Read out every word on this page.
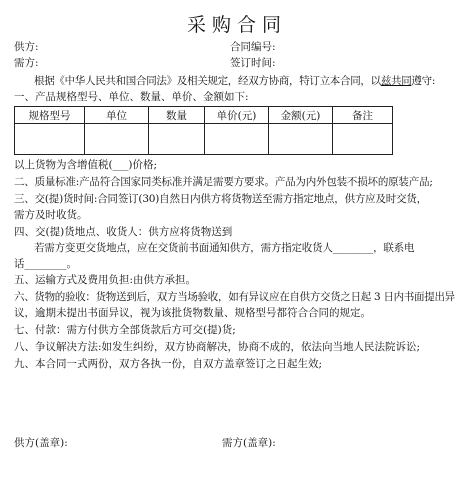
采购合同
供方:	合同编号:
需方:	签订时间:
根据《中华人民共和国合同法》及相关规定，经双方协商，特订立本合同，以兹共同遵守:
一、产品规格型号、单位、数量、单价、金额如下:
规格型号	单位	数量	单价(元)	金额(元)	备注

以上货物为含增值税(___)价格;
二、质量标准:产品符合国家同类标准并满足需要方要求。产品为内外包装不损坏的原装产品;
三、交(提)货时间:合同签订(30)自然日内供方将货物送至需方指定地点，供方应及时交货，
需方及时收货。
四、交(提)货地点、收货人：供方应将货物送到
若需方变更交货地点，应在交货前书面通知供方，需方指定收货人________，联系电
话________。
五、运输方式及费用负担:由供方承担。
六、货物的验收：货物送到后，双方当场验收，如有异议应在自供方交货之日起 3 日内书面提出异
议，逾期未提出书面异议，视为该批货物数量、规格型号都符合合同的规定。
七、付款：需方付供方全部货款后方可交(提)货;
八、争议解决方法:如发生纠纷，双方协商解决，协商不成的，依法向当地人民法院诉讼;
九、本合同一式两份，双方各执一份，自双方盖章签订之日起生效;
供方(盖章):	需方(盖章):
